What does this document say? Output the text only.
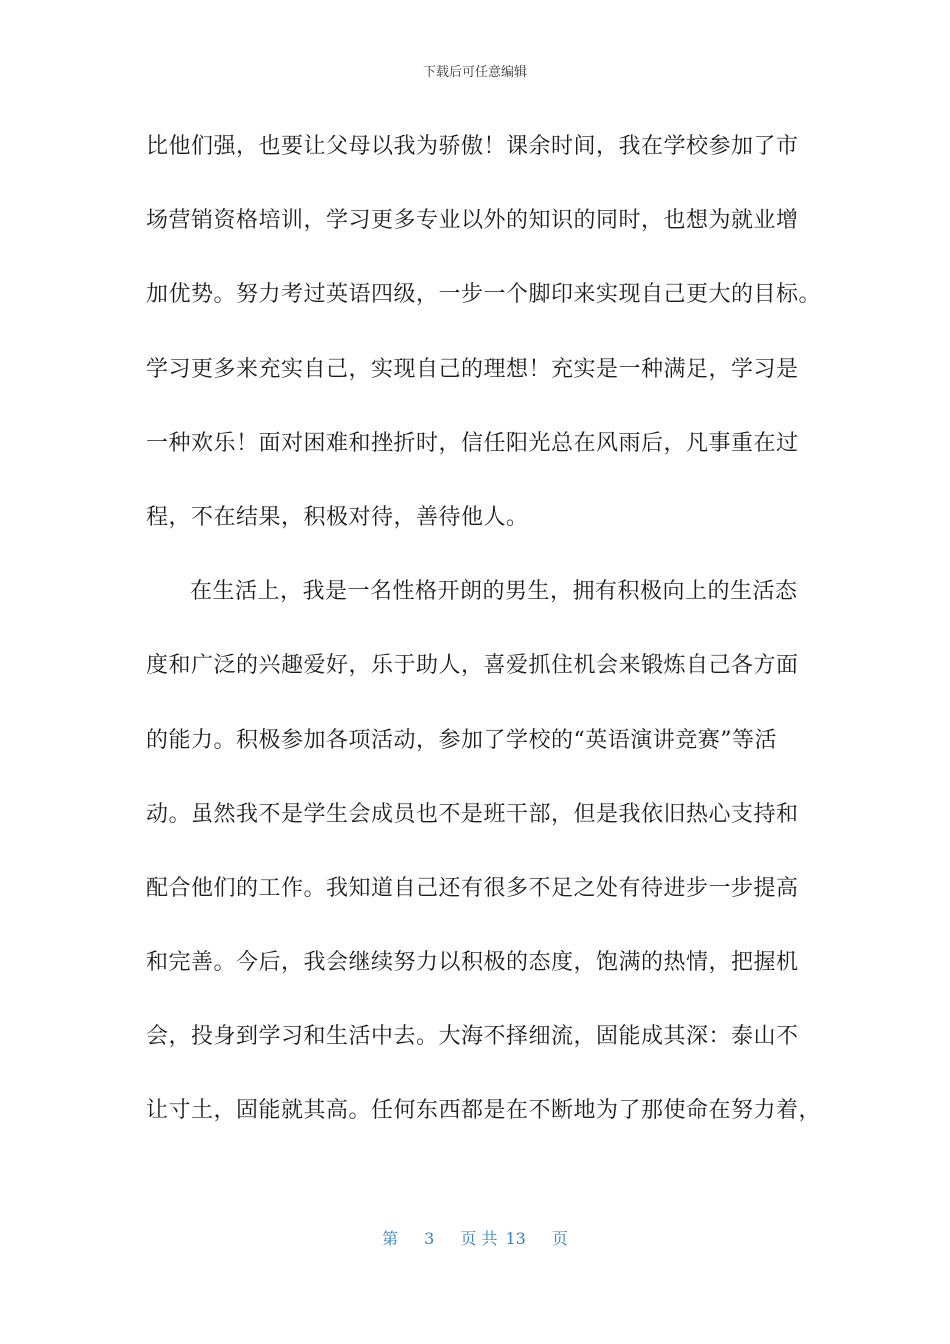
下载后可任意编辑
比他们强，也要让父母以我为骄傲！课余时间，我在学校参加了市
场营销资格培训，学习更多专业以外的知识的同时，也想为就业增
加优势。努力考过英语四级，一步一个脚印来实现自己更大的目标。
学习更多来充实自己，实现自己的理想！充实是一种满足，学习是
一种欢乐！面对困难和挫折时，信任阳光总在风雨后，凡事重在过
程，不在结果，积极对待，善待他人。
在生活上，我是一名性格开朗的男生，拥有积极向上的生活态
度和广泛的兴趣爱好，乐于助人，喜爱抓住机会来锻炼自己各方面
的能力。积极参加各项活动，参加了学校的“英语演讲竞赛”等活
动。虽然我不是学生会成员也不是班干部，但是我依旧热心支持和
配合他们的工作。我知道自己还有很多不足之处有待进步一步提高
和完善。今后，我会继续努力以积极的态度，饱满的热情，把握机
会，投身到学习和生活中去。大海不择细流，固能成其深：泰山不
让寸土，固能就其高。任何东西都是在不断地为了那使命在努力着，
第 3 页 共 13 页
